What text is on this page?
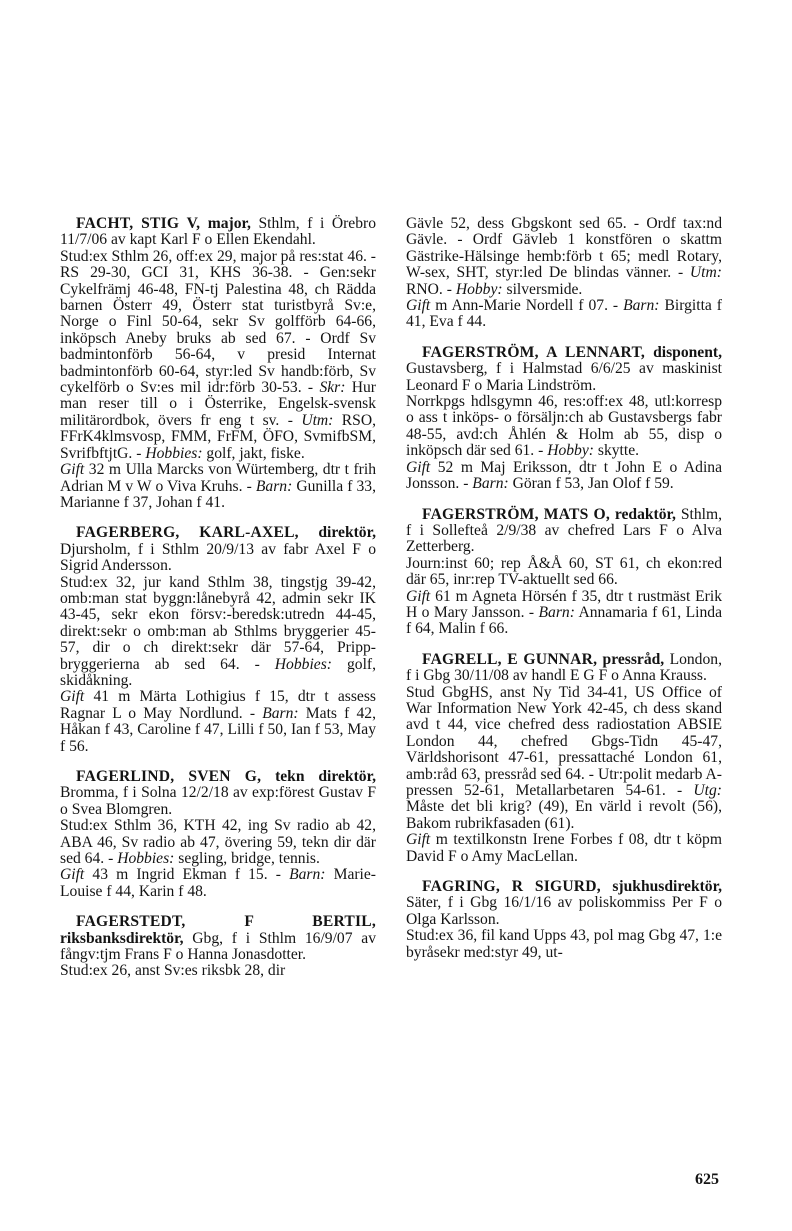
FACHT, STIG V, major, Sthlm, f i Örebro 11/7/06 av kapt Karl F o Ellen Ekendahl.

Stud:ex Sthlm 26, off:ex 29, major på res:stat 46. - RS 29-30, GCI 31, KHS 36-38. - Gen:sekr Cykelfrämj 46-48, FN-tj Palestina 48, ch Rädda barnen Österr 49, Österr stat turistbyrå Sv:e, Norge o Finl 50-64, sekr Sv golfförb 64-66, inköpsch Aneby bruks ab sed 67. - Ordf Sv badmintonförb 56-64, v presid Internat badmintonförb 60-64, styr:led Sv handb:förb, Sv cykelförb o Sv:es mil idr:förb 30-53. - Skr: Hur man reser till o i Österrike, Engelsk-svensk militärordbok, övers fr eng t sv. - Utm: RSO, FFrK4klmsvosp, FMM, FrFM, ÖFO, SvmifbSM, SvrifbftjtG. - Hobbies: golf, jakt, fiske.

Gift 32 m Ulla Marcks von Würtemberg, dtr t frih Adrian M v W o Viva Kruhs. - Barn: Gunilla f 33, Marianne f 37, Johan f 41.

FAGERBERG, KARL-AXEL, direktör, Djursholm, f i Sthlm 20/9/13 av fabr Axel F o Sigrid Andersson.

Stud:ex 32, jur kand Sthlm 38, tingstjg 39-42, omb:man stat byggn:lånebyrå 42, admin sekr IK 43-45, sekr ekon försv:-beredsk:utredn 44-45, direkt:sekr o omb:man ab Sthlms bryggerier 45-57, dir o ch direkt:sekr där 57-64, Pripp-bryggerierna ab sed 64. - Hobbies: golf, skidåkning.

Gift 41 m Märta Lothigius f 15, dtr t assess Ragnar L o May Nordlund. - Barn: Mats f 42, Håkan f 43, Caroline f 47, Lilli f 50, Ian f 53, May f 56.

FAGERLIND, SVEN G, tekn direktör, Bromma, f i Solna 12/2/18 av exp:förest Gustav F o Svea Blomgren.

Stud:ex Sthlm 36, KTH 42, ing Sv radio ab 42, ABA 46, Sv radio ab 47, övering 59, tekn dir där sed 64. - Hobbies: segling, bridge, tennis.

Gift 43 m Ingrid Ekman f 15. - Barn: Marie-Louise f 44, Karin f 48.

FAGERSTEDT, F BERTIL, riksbanksdirektör, Gbg, f i Sthlm 16/9/07 av fångv:tjm Frans F o Hanna Jonasdotter.

Stud:ex 26, anst Sv:es riksbk 28, dir

Gävle 52, dess Gbgskont sed 65. - Ordf tax:nd Gävle. - Ordf Gävleb 1 konstfören o skattm Gästrike-Hälsinge hemb:förb t 65; medl Rotary, W-sex, SHT, styr:led De blindas vänner. - Utm: RNO. - Hobby: silversmide.

Gift m Ann-Marie Nordell f 07. - Barn: Birgitta f 41, Eva f 44.

FAGERSTRÖM, A LENNART, disponent, Gustavsberg, f i Halmstad 6/6/25 av maskinist Leonard F o Maria Lindström.

Norrkpgs hdlsgymn 46, res:off:ex 48, utl:korresp o ass t inköps- o försäljn:ch ab Gustavsbergs fabr 48-55, avd:ch Åhlén & Holm ab 55, disp o inköpsch där sed 61. - Hobby: skytte.

Gift 52 m Maj Eriksson, dtr t John E o Adina Jonsson. - Barn: Göran f 53, Jan Olof f 59.

FAGERSTRÖM, MATS O, redaktör, Sthlm, f i Sollefteå 2/9/38 av chefred Lars F o Alva Zetterberg.

Journ:inst 60; rep Å&Å 60, ST 61, ch ekon:red där 65, inr:rep TV-aktuellt sed 66.

Gift 61 m Agneta Hörsén f 35, dtr t rustmäst Erik H o Mary Jansson. - Barn: Annamaria f 61, Linda f 64, Malin f 66.

FAGRELL, E GUNNAR, pressråd, London, f i Gbg 30/11/08 av handl E G F o Anna Krauss.

Stud GbgHS, anst Ny Tid 34-41, US Office of War Information New York 42-45, ch dess skand avd t 44, vice chefred dess radiostation ABSIE London 44, chefred Gbgs-Tidn 45-47, Världshorisont 47-61, pressattaché London 61, amb:råd 63, pressråd sed 64. - Utr:polit medarb A-pressen 52-61, Metallarbetaren 54-61. - Utg: Måste det bli krig? (49), En värld i revolt (56), Bakom rubrikfasaden (61).

Gift m textilkonstn Irene Forbes f 08, dtr t köpm David F o Amy MacLellan.

FAGRING, R SIGURD, sjukhusdirektör, Säter, f i Gbg 16/1/16 av poliskommiss Per F o Olga Karlsson.

Stud:ex 36, fil kand Upps 43, pol mag Gbg 47, 1:e byråsekr med:styr 49, ut-

625
